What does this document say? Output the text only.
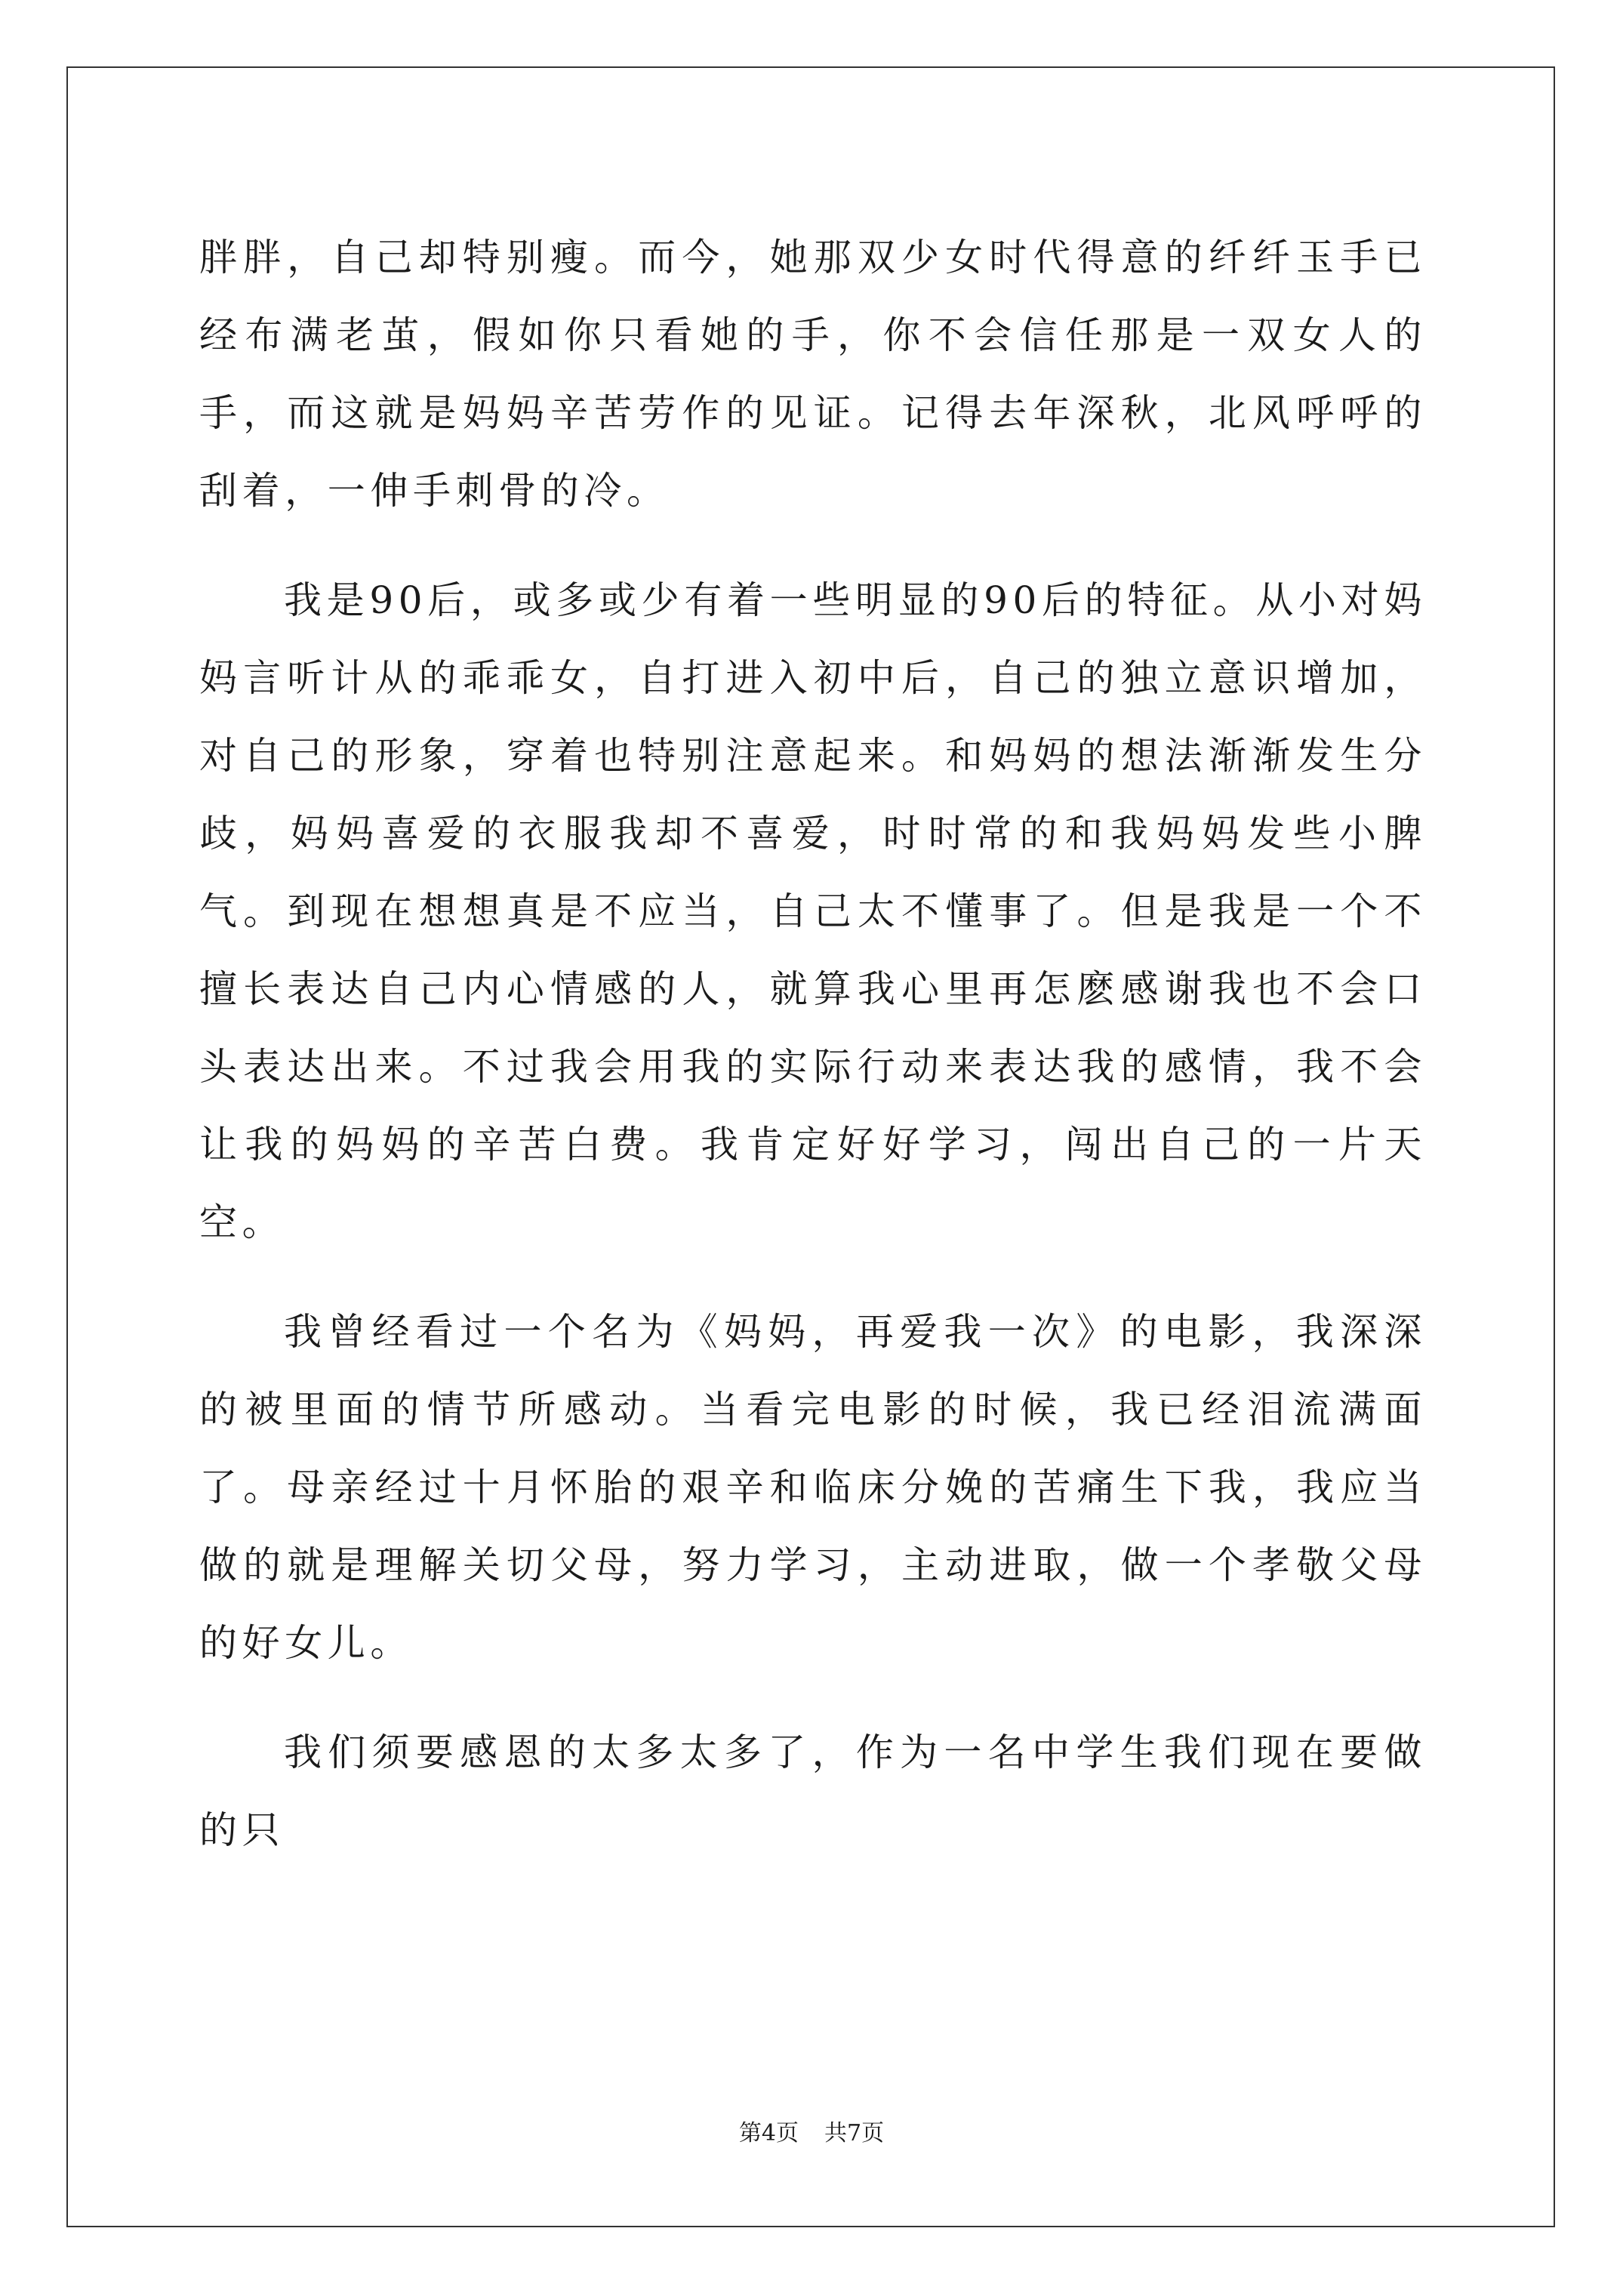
胖胖，自己却特别瘦。而今，她那双少女时代得意的纤纤玉手已经布满老茧，假如你只看她的手，你不会信任那是一双女人的手，而这就是妈妈辛苦劳作的见证。记得去年深秋，北风呼呼的刮着，一伸手刺骨的冷。

我是90后，或多或少有着一些明显的90后的特征。从小对妈妈言听计从的乖乖女，自打进入初中后，自己的独立意识增加，对自己的形象，穿着也特别注意起来。和妈妈的想法渐渐发生分歧，妈妈喜爱的衣服我却不喜爱，时时常的和我妈妈发些小脾气。到现在想想真是不应当，自己太不懂事了。但是我是一个不擅长表达自己内心情感的人，就算我心里再怎麽感谢我也不会口头表达出来。不过我会用我的实际行动来表达我的感情，我不会让我的妈妈的辛苦白费。我肯定好好学习，闯出自己的一片天空。

我曾经看过一个名为《妈妈，再爱我一次》的电影，我深深的被里面的情节所感动。当看完电影的时候，我已经泪流满面了。母亲经过十月怀胎的艰辛和临床分娩的苦痛生下我，我应当做的就是理解关切父母，努力学习，主动进取，做一个孝敬父母的好女儿。

我们须要感恩的太多太多了，作为一名中学生我们现在要做的只

第4页 共7页
